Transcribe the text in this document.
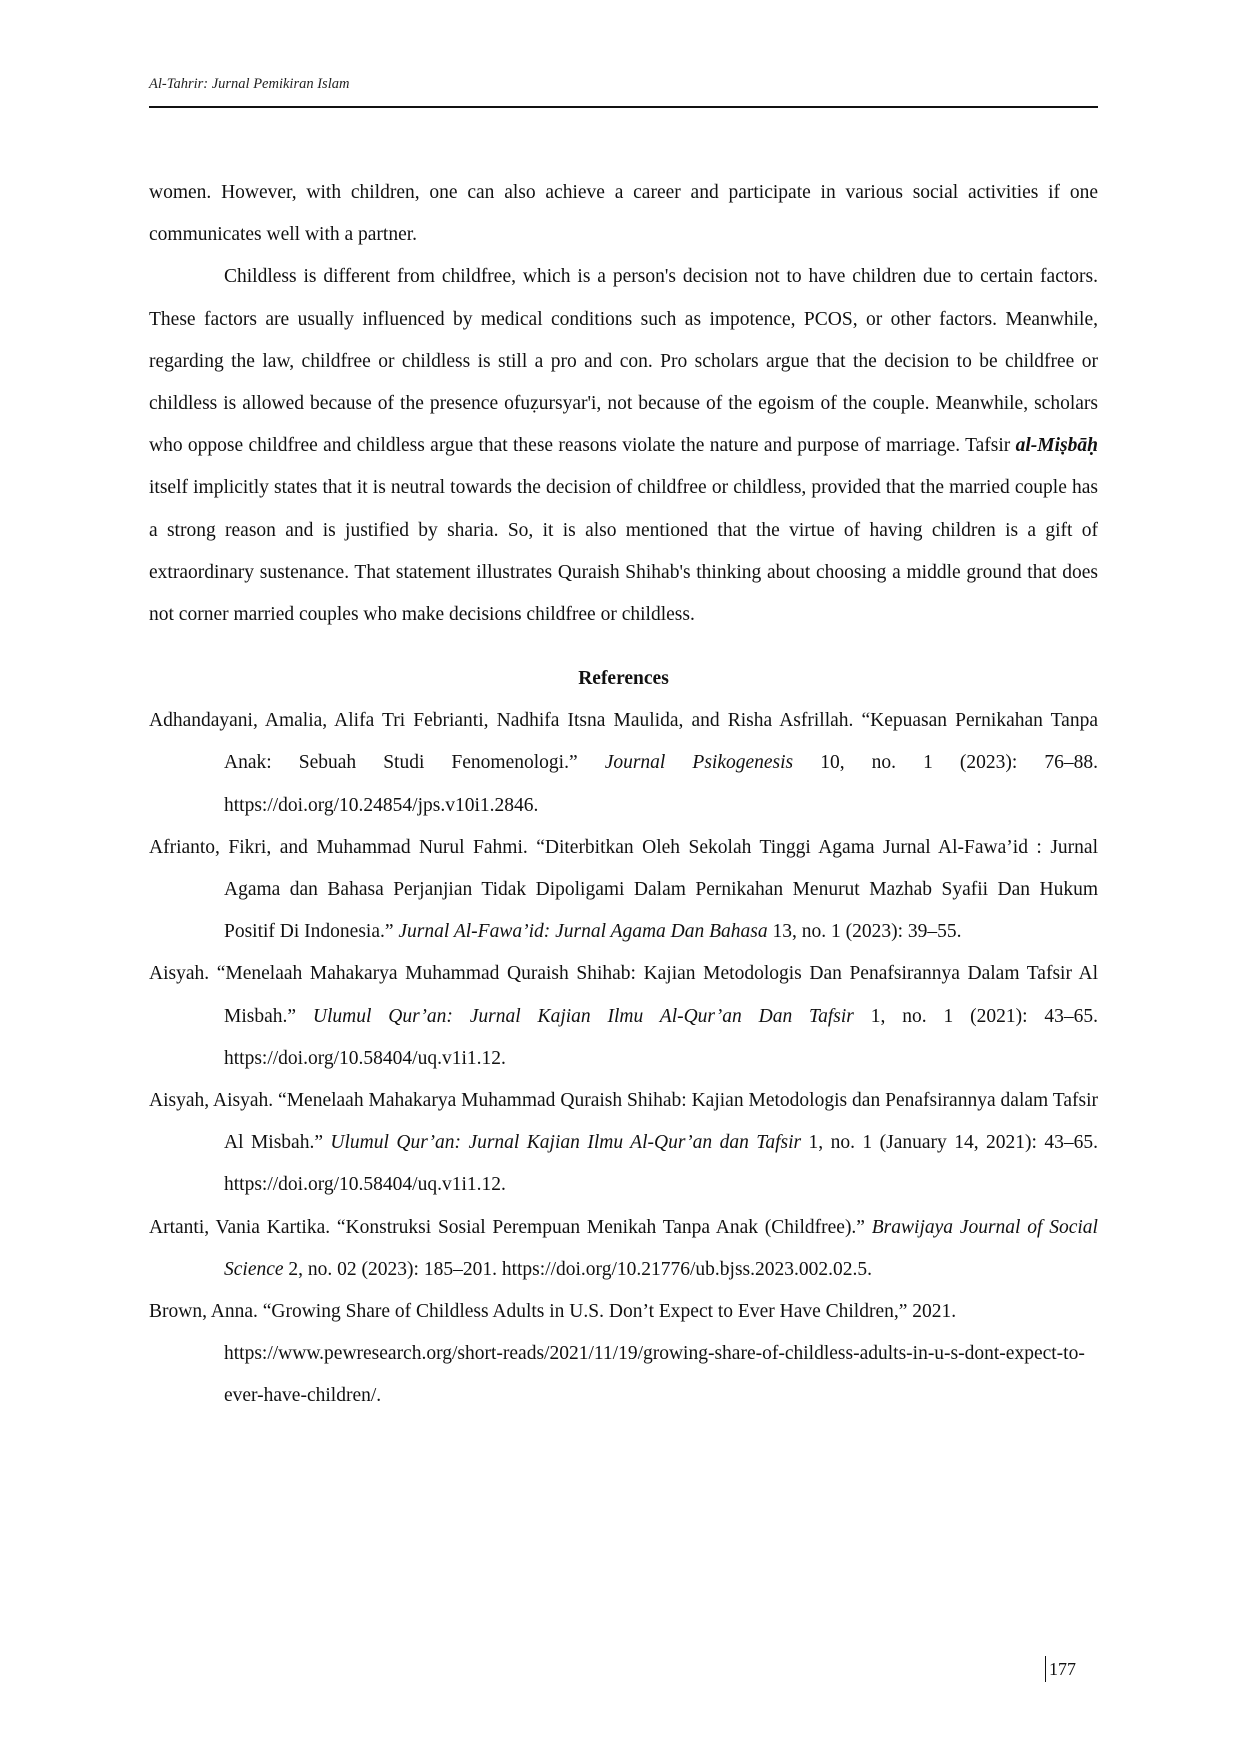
Al-Tahrir: Jurnal Pemikiran Islam

women. However, with children, one can also achieve a career and participate in various social activities if one communicates well with a partner.

Childless is different from childfree, which is a person's decision not to have children due to certain factors. These factors are usually influenced by medical conditions such as impotence, PCOS, or other factors. Meanwhile, regarding the law, childfree or childless is still a pro and con. Pro scholars argue that the decision to be childfree or childless is allowed because of the presence ofuẓursyar'i, not because of the egoism of the couple. Meanwhile, scholars who oppose childfree and childless argue that these reasons violate the nature and purpose of marriage. Tafsir al-Miṣbāḥ itself implicitly states that it is neutral towards the decision of childfree or childless, provided that the married couple has a strong reason and is justified by sharia. So, it is also mentioned that the virtue of having children is a gift of extraordinary sustenance. That statement illustrates Quraish Shihab's thinking about choosing a middle ground that does not corner married couples who make decisions childfree or childless.

References

Adhandayani, Amalia, Alifa Tri Febrianti, Nadhifa Itsna Maulida, and Risha Asfrillah. “Kepuasan Pernikahan Tanpa Anak: Sebuah Studi Fenomenologi.” Journal Psikogenesis 10, no. 1 (2023): 76–88. https://doi.org/10.24854/jps.v10i1.2846.

Afrianto, Fikri, and Muhammad Nurul Fahmi. “Diterbitkan Oleh Sekolah Tinggi Agama Jurnal Al-Fawa’id : Jurnal Agama dan Bahasa Perjanjian Tidak Dipoligami Dalam Pernikahan Menurut Mazhab Syafii Dan Hukum Positif Di Indonesia.” Jurnal Al-Fawa’id: Jurnal Agama Dan Bahasa 13, no. 1 (2023): 39–55.

Aisyah. “Menelaah Mahakarya Muhammad Quraish Shihab: Kajian Metodologis Dan Penafsirannya Dalam Tafsir Al Misbah.” Ulumul Qur’an: Jurnal Kajian Ilmu Al-Qur’an Dan Tafsir 1, no. 1 (2021): 43–65. https://doi.org/10.58404/uq.v1i1.12.

Aisyah, Aisyah. “Menelaah Mahakarya Muhammad Quraish Shihab: Kajian Metodologis dan Penafsirannya dalam Tafsir Al Misbah.” Ulumul Qur’an: Jurnal Kajian Ilmu Al-Qur’an dan Tafsir 1, no. 1 (January 14, 2021): 43–65. https://doi.org/10.58404/uq.v1i1.12.

Artanti, Vania Kartika. “Konstruksi Sosial Perempuan Menikah Tanpa Anak (Childfree).” Brawijaya Journal of Social Science 2, no. 02 (2023): 185–201. https://doi.org/10.21776/ub.bjss.2023.002.02.5.

Brown, Anna. “Growing Share of Childless Adults in U.S. Don’t Expect to Ever Have Children,” 2021. https://www.pewresearch.org/short-reads/2021/11/19/growing-share-of-childless-adults-in-u-s-dont-expect-to-ever-have-children/.

177
